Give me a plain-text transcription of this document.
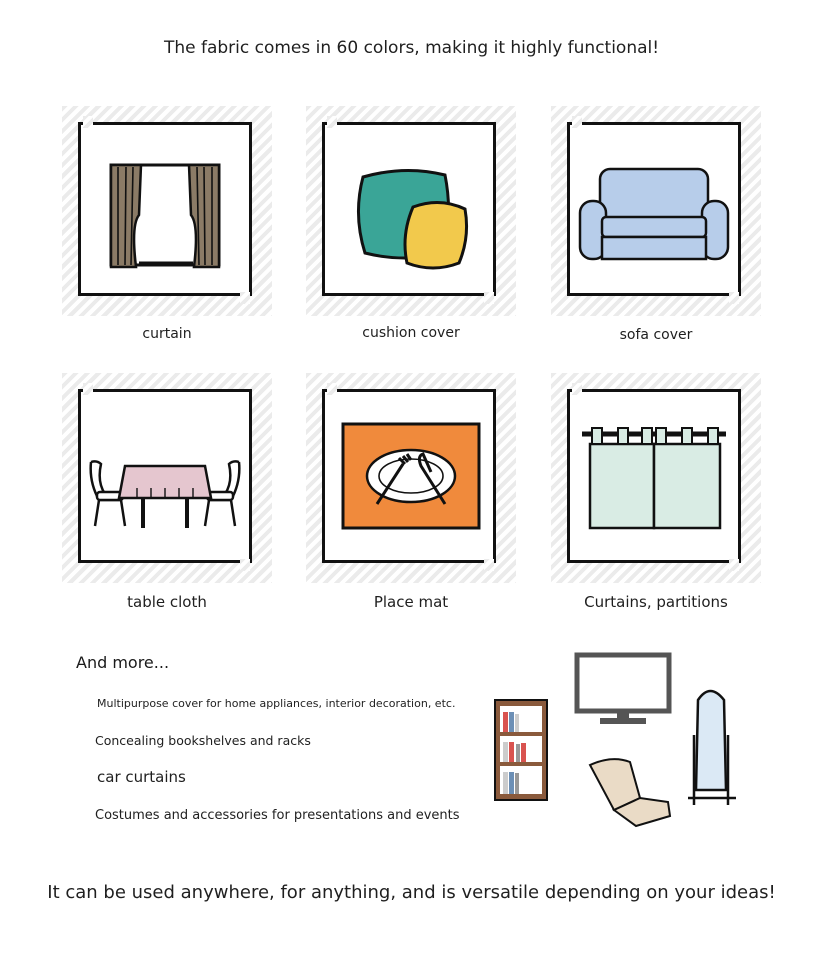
The fabric comes in 60 colors, making it highly functional!
curtain	cushion cover	sofa cover
table cloth	Place mat	Curtains, partitions
And more...
Multipurpose cover for home appliances, interior decoration, etc.
Concealing bookshelves and racks
car curtains
Costumes and accessories for presentations and events
It can be used anywhere, for anything, and is versatile depending on your ideas!
